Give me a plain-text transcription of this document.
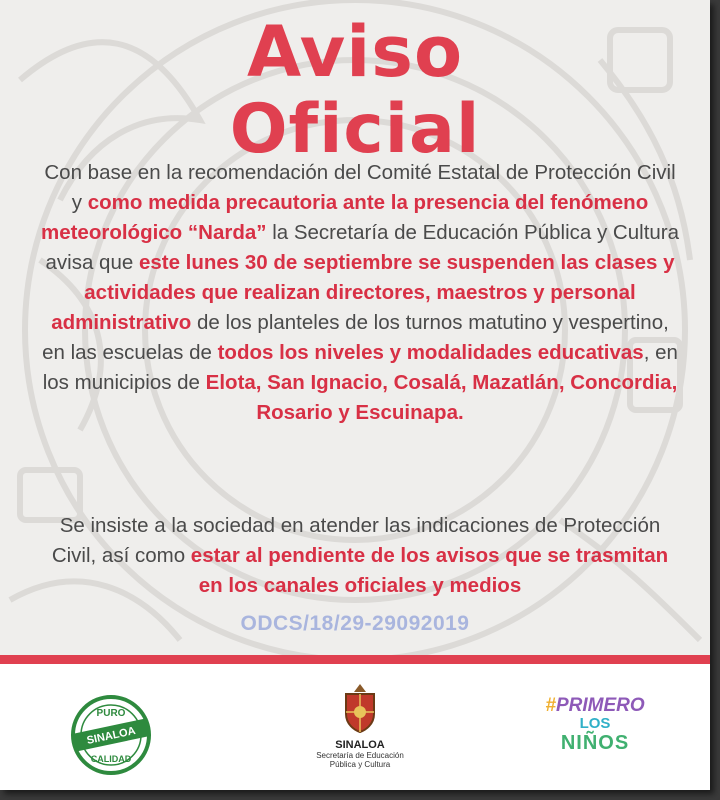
Aviso
Oficial
Con base en la recomendación del Comité Estatal de Protección Civil y como medida precautoria ante la presencia del fenómeno meteorológico “Narda” la Secretaría de Educación Pública y Cultura avisa que este lunes 30 de septiembre se suspenden las clases y actividades que realizan directores, maestros y personal administrativo de los planteles de los turnos matutino y vespertino, en las escuelas de todos los niveles y modalidades educativas, en los municipios de Elota, San Ignacio, Cosalá, Mazatlán, Concordia, Rosario y Escuinapa.
Se insiste a la sociedad en atender las indicaciones de Protección Civil, así como estar al pendiente de los avisos que se trasmitan en los canales oficiales y medios
ODCS/18/29-29092019
PURO
SINALOA
CALIDAD
SINALOA
Secretaría de Educación
Pública y Cultura
#PRIMERO
LOS
NIÑOS
